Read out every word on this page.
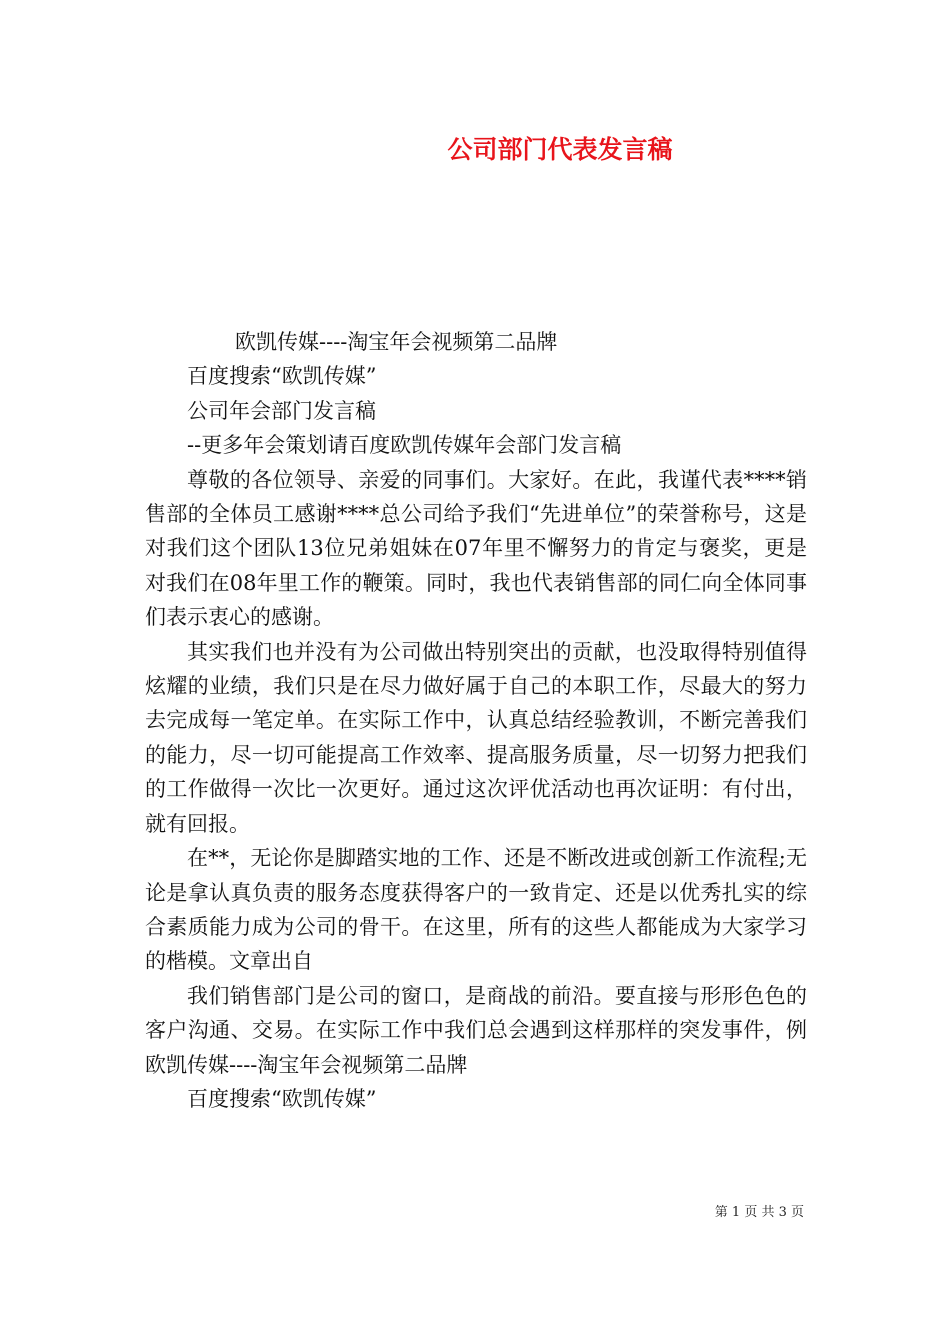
公司部门代表发言稿

欧凯传媒----淘宝年会视频第二品牌

百度搜索“欧凯传媒”

公司年会部门发言稿

--更多年会策划请百度欧凯传媒年会部门发言稿

尊敬的各位领导、亲爱的同事们。大家好。在此，我谨代表****销售部的全体员工感谢****总公司给予我们“先进单位”的荣誉称号，这是对我们这个团队13位兄弟姐妹在07年里不懈努力的肯定与褒奖，更是对我们在08年里工作的鞭策。同时，我也代表销售部的同仁向全体同事们表示衷心的感谢。

其实我们也并没有为公司做出特别突出的贡献，也没取得特别值得炫耀的业绩，我们只是在尽力做好属于自己的本职工作，尽最大的努力去完成每一笔定单。在实际工作中，认真总结经验教训，不断完善我们的能力，尽一切可能提高工作效率、提高服务质量，尽一切努力把我们的工作做得一次比一次更好。通过这次评优活动也再次证明：有付出，就有回报。

在**，无论你是脚踏实地的工作、还是不断改进或创新工作流程;无论是拿认真负责的服务态度获得客户的一致肯定、还是以优秀扎实的综合素质能力成为公司的骨干。在这里，所有的这些人都能成为大家学习的楷模。文章出自

我们销售部门是公司的窗口，是商战的前沿。要直接与形形色色的客户沟通、交易。在实际工作中我们总会遇到这样那样的突发事件，例欧凯传媒----淘宝年会视频第二品牌

百度搜索“欧凯传媒”

第 1 页 共 3 页
